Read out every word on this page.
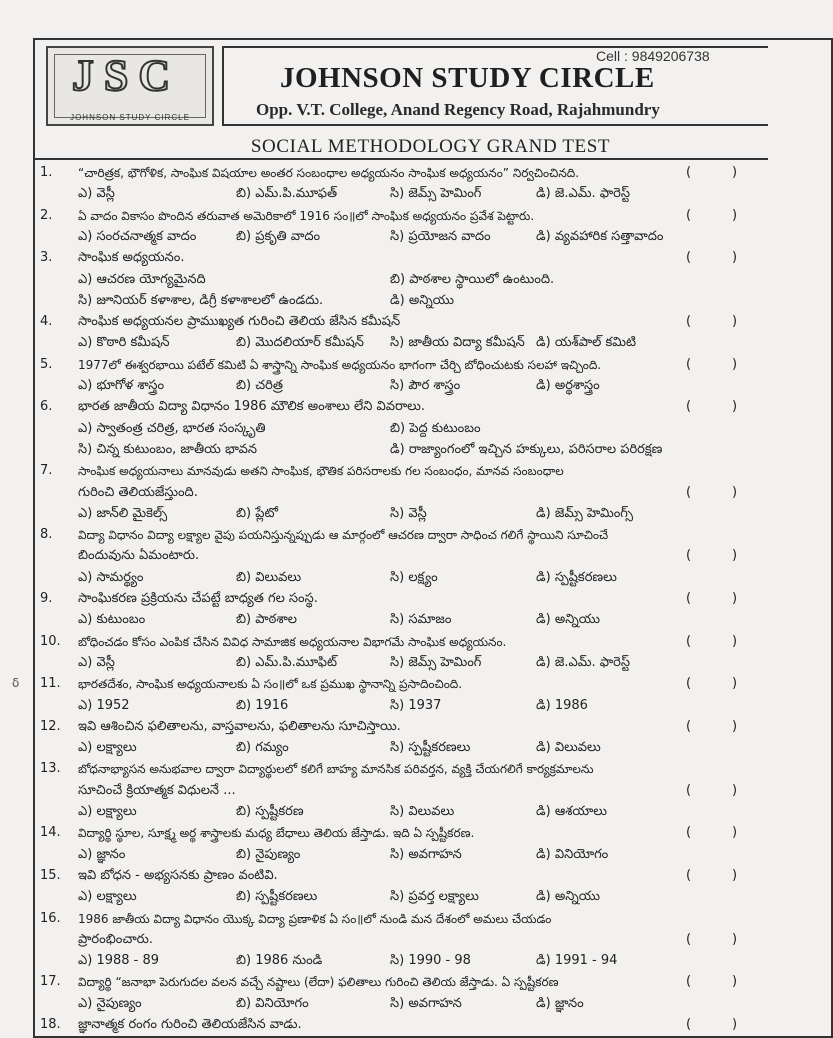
JSC
JOHNSON STUDY CIRCLE
Cell : 9849206738
JOHNSON STUDY CIRCLE
Opp. V.T. College, Anand Regency Road, Rajahmundry
SOCIAL METHODOLOGY GRAND TEST
1. “చారిత్రక, భౌగోళిక, సాంఘిక విషయాల అంతర సంబంధాల అధ్యయనం సాంఘిక అధ్యయనం” నిర్వచించినది.	(	)
ఎ) వెస్లీ	బి) ఎమ్.పి.మూఫత్	సి) జెమ్స్ హెమింగ్	డి) జె.ఎమ్. ఫారెస్ట్
2. ఏ వాదం వికాసం పొందిన తరువాత అమెరికాలో 1916 సం॥లో సాంఘిక అధ్యయనం ప్రవేశ పెట్టారు.	(	)
ఎ) సంరచనాత్మక వాదం	బి) ప్రకృతి వాదం	సి) ప్రయోజన వాదం	డి) వ్యవహారిక సత్తావాదం
3. సాంఘిక అధ్యయనం.	(	)
ఎ) ఆచరణ యోగ్యమైనది	బి) పాఠశాల స్థాయిలో ఉంటుంది.
సి) జూనియర్ కళాశాల, డిగ్రీ కళాశాలలో ఉండదు.	డి) అన్నియు
4. సాంఘిక అధ్యయనల ప్రాముఖ్యత గురించి తెలియ జేసిన కమీషన్	(	)
ఎ) కొఠారి కమీషన్	బి) మొదలియార్ కమీషన్ సి) జాతీయ విద్యా కమీషన్ డి) యశ్‌పాల్ కమిటి
5. 1977లో ఈశ్వరభాయి పటేల్ కమిటి ఏ శాస్త్రాన్ని సాంఘిక అధ్యయనం భాగంగా చేర్చి బోధించుటకు సలహా ఇచ్చింది.	(	)
ఎ) భూగోళ శాస్త్రం	బి) చరిత్ర	సి) పౌర శాస్త్రం	డి) అర్థశాస్త్రం
6. భారత జాతీయ విద్యా విధానం 1986 మౌలిక అంశాలు లేని వివరాలు.	(	)
ఎ) స్వాతంత్ర చరిత్ర, భారత సంస్కృతి	బి) పెద్ద కుటుంబం
సి) చిన్న కుటుంబం, జాతీయ భావన	డి) రాజ్యాంగంలో ఇచ్చిన హక్కులు, పరిసరాల పరిరక్షణ
7. సాంఘిక అధ్యయనాలు మానవుడు అతని సాంఘిక, భౌతిక పరిసరాలకు గల సంబంధం, మానవ సంబంధాల
గురించి తెలియజేస్తుంది.	(	)
ఎ) జాన్‌లి మైకెల్స్	బి) ప్లేటో	సి) వెస్లీ	డి) జెమ్స్ హెమింగ్స్
8. విద్యా విధానం విద్యా లక్ష్యాల వైపు పయనిస్తున్నప్పుడు ఆ మార్గంలో ఆచరణ ద్వారా సాధించ గలిగే స్థాయిని సూచించే
బిందువును ఏమంటారు.	(	)
ఎ) సామర్థ్యం	బి) విలువలు	సి) లక్ష్యం	డి) స్పష్టీకరణలు
9. సాంఘికరణ ప్రక్రియను చేపట్టే బాధ్యత గల సంస్థ.	(	)
ఎ) కుటుంబం	బి) పాఠశాల	సి) సమాజం	డి) అన్నియు
10. బోధించడం కోసం ఎంపిక చేసిన వివిధ సామాజిక అధ్యయనాల విభాగమే సాంఘిక అధ్యయనం.	(	)
ఎ) వెస్లీ	బి) ఎమ్.పి.మూఫిట్	సి) జెమ్స్ హెమింగ్	డి) జె.ఎమ్. ఫారెస్ట్
11. భారతదేశం, సాంఘిక అధ్యయనాలకు ఏ సం॥లో ఒక ప్రముఖ స్థానాన్ని ప్రసాదించింది.	(	)
ఎ) 1952	బి) 1916	సి) 1937	డి) 1986
12. ఇవి ఆశించిన ఫలితాలను, వాస్తవాలను, ఫలితాలను సూచిస్తాయి.	(	)
ఎ) లక్ష్యాలు	బి) గమ్యం	సి) స్పష్టీకరణలు	డి) విలువలు
13. బోధనాభ్యాసన అనుభవాల ద్వారా విద్యార్థులలో కలిగే బాహ్య మానసిక పరివర్తన, వ్యక్తి చేయగలిగే కార్యక్రమాలను
సూచించే క్రియాత్మక విధులనే ...	(	)
ఎ) లక్ష్యాలు	బి) స్పష్టీకరణ	సి) విలువలు	డి) ఆశయాలు
14. విద్యార్థి స్థూల, సూక్ష్మ అర్థ శాస్త్రాలకు మధ్య బేధాలు తెలియ జేస్తాడు. ఇది ఏ స్పష్టీకరణ.	(	)
ఎ) జ్ఞానం	బి) నైపుణ్యం	సి) అవగాహన	డి) వినియోగం
15. ఇవి బోధన - అభ్యసనకు ప్రాణం వంటివి.	(	)
ఎ) లక్ష్యాలు	బి) స్పష్టీకరణలు	సి) ప్రవర్త లక్ష్యాలు	డి) అన్నియు
16. 1986 జాతీయ విద్యా విధానం యొక్క విద్యా ప్రణాళిక ఏ సం॥లో నుండి మన దేశంలో అమలు చేయడం
ప్రారంభించారు.	(	)
ఎ) 1988 - 89	బి) 1986 నుండి	సి) 1990 - 98	డి) 1991 - 94
17. విద్యార్థి “జనాభా పెరుగుదల వలన వచ్చే నష్టాలు (లేదా) ఫలితాలు గురించి తెలియ జేస్తాడు. ఏ స్పష్టీకరణ	(	)
ఎ) నైపుణ్యం	బి) వినియోగం	సి) అవగాహన	డి) జ్ఞానం
18. జ్ఞానాత్మక రంగం గురించి తెలియజేసిన వాడు.	(	)
ẟ
